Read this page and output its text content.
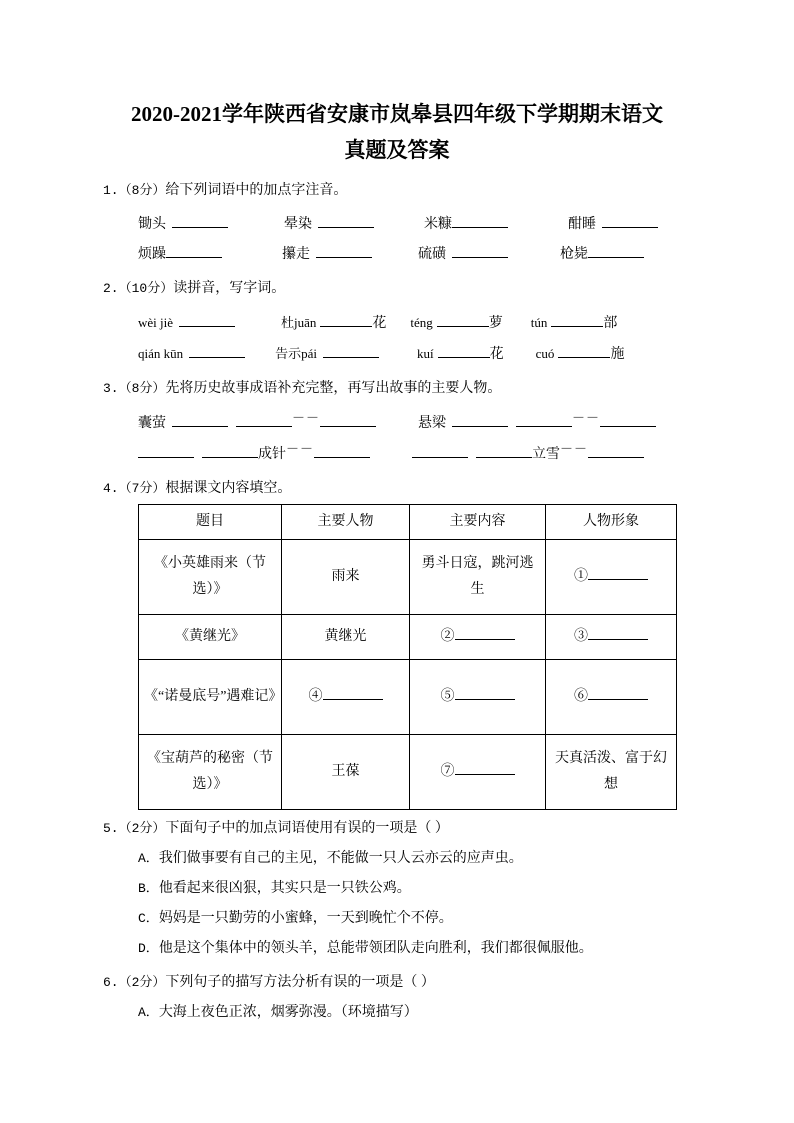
2020-2021学年陕西省安康市岚皋县四年级下学期期末语文
真题及答案

1.（8分）给下列词语中的加点字注音。

锄头	晕染	米糠	酣睡
烦躁	攥走	硫磺	枪毙

2.（10分）读拼音，写字词。

wèi jiè	杜juān	花 téng	萝 tún	部
qián kūn	告示pái	kuí	花 cuó	施

3.（8分）先将历史故事成语补充完整，再写出故事的主要人物。

囊萤	－－	悬梁	－－
成针 －－	立雪 －－

4.（7分）根据课文内容填空。

题目	主要人物	主要内容	人物形象
《小英雄雨来（节选）》	雨来	勇斗日寇，跳河逃生	①
《黄继光》	黄继光	②	③
《“诺曼底号”遇难记》	④	⑤	⑥
《宝葫芦的秘密（节选）》	王葆	⑦	天真活泼、富于幻想

5.（2分）下面句子中的加点词语使用有误的一项是（ ）

A．我们做事要有自己的主见，不能做一只人云亦云的应声虫。

B．他看起来很凶狠，其实只是一只铁公鸡。

C．妈妈是一只勤劳的小蜜蜂，一天到晚忙个不停。

D．他是这个集体中的领头羊，总能带领团队走向胜利，我们都很佩服他。

6.（2分）下列句子的描写方法分析有误的一项是（ ）

A．大海上夜色正浓，烟雾弥漫。（环境描写）
